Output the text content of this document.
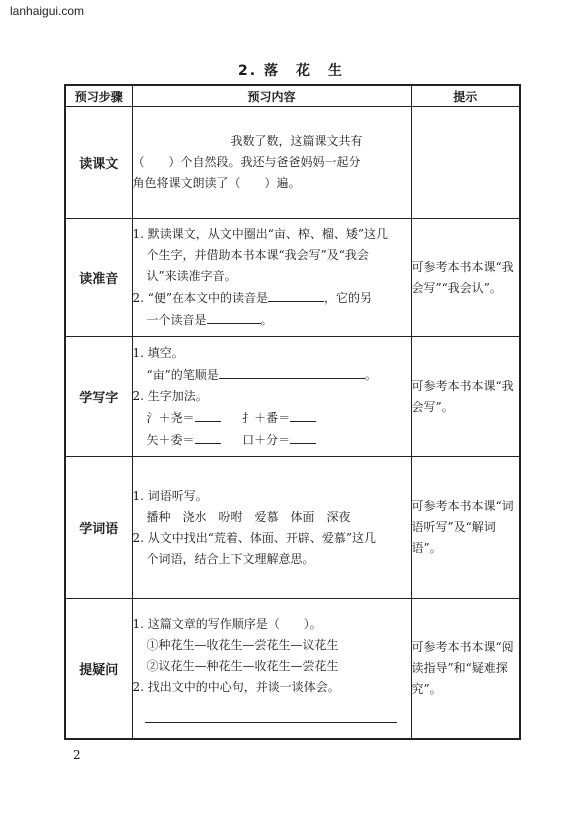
lanhaigui.com
2. 落　花　生
预习步骤	预习内容	提示
读课文	我数了数，这篇课文共有
（　　）个自然段。我还与爸爸妈妈一起分
角色将课文朗读了（　　）遍。	

读准音	1. 默读课文，从文中圈出“亩、榨、榴、矮”这几
个生字，并借助本书本课“我会写”及“我会
认”来读准字音。
2. “便”在本文中的读音是 ，它的另
一个读音是 。	可参考本书本课“我会写”“我会认”。
学写字	1. 填空。
“亩”的笔顺是 。
2. 生字加法。
氵＋尧＝ 扌＋番＝
矢＋委＝ 口＋分＝	可参考本书本课“我会写”。
学词语	1. 词语听写。
播种　浇水　吩咐　爱慕　体面　深夜
2. 从文中找出“荒着、体面、开辟、爱慕”这几
个词语，结合上下文理解意思。	可参考本书本课“词语听写”及“解词语”。
提疑问	1. 这篇文章的写作顺序是（　　）。
①种花生—收花生—尝花生—议花生
②议花生—种花生—收花生—尝花生
2. 找出文中的中心句，并谈一谈体会。	可参考本书本课“阅读指导”和“疑难探究”。
2
